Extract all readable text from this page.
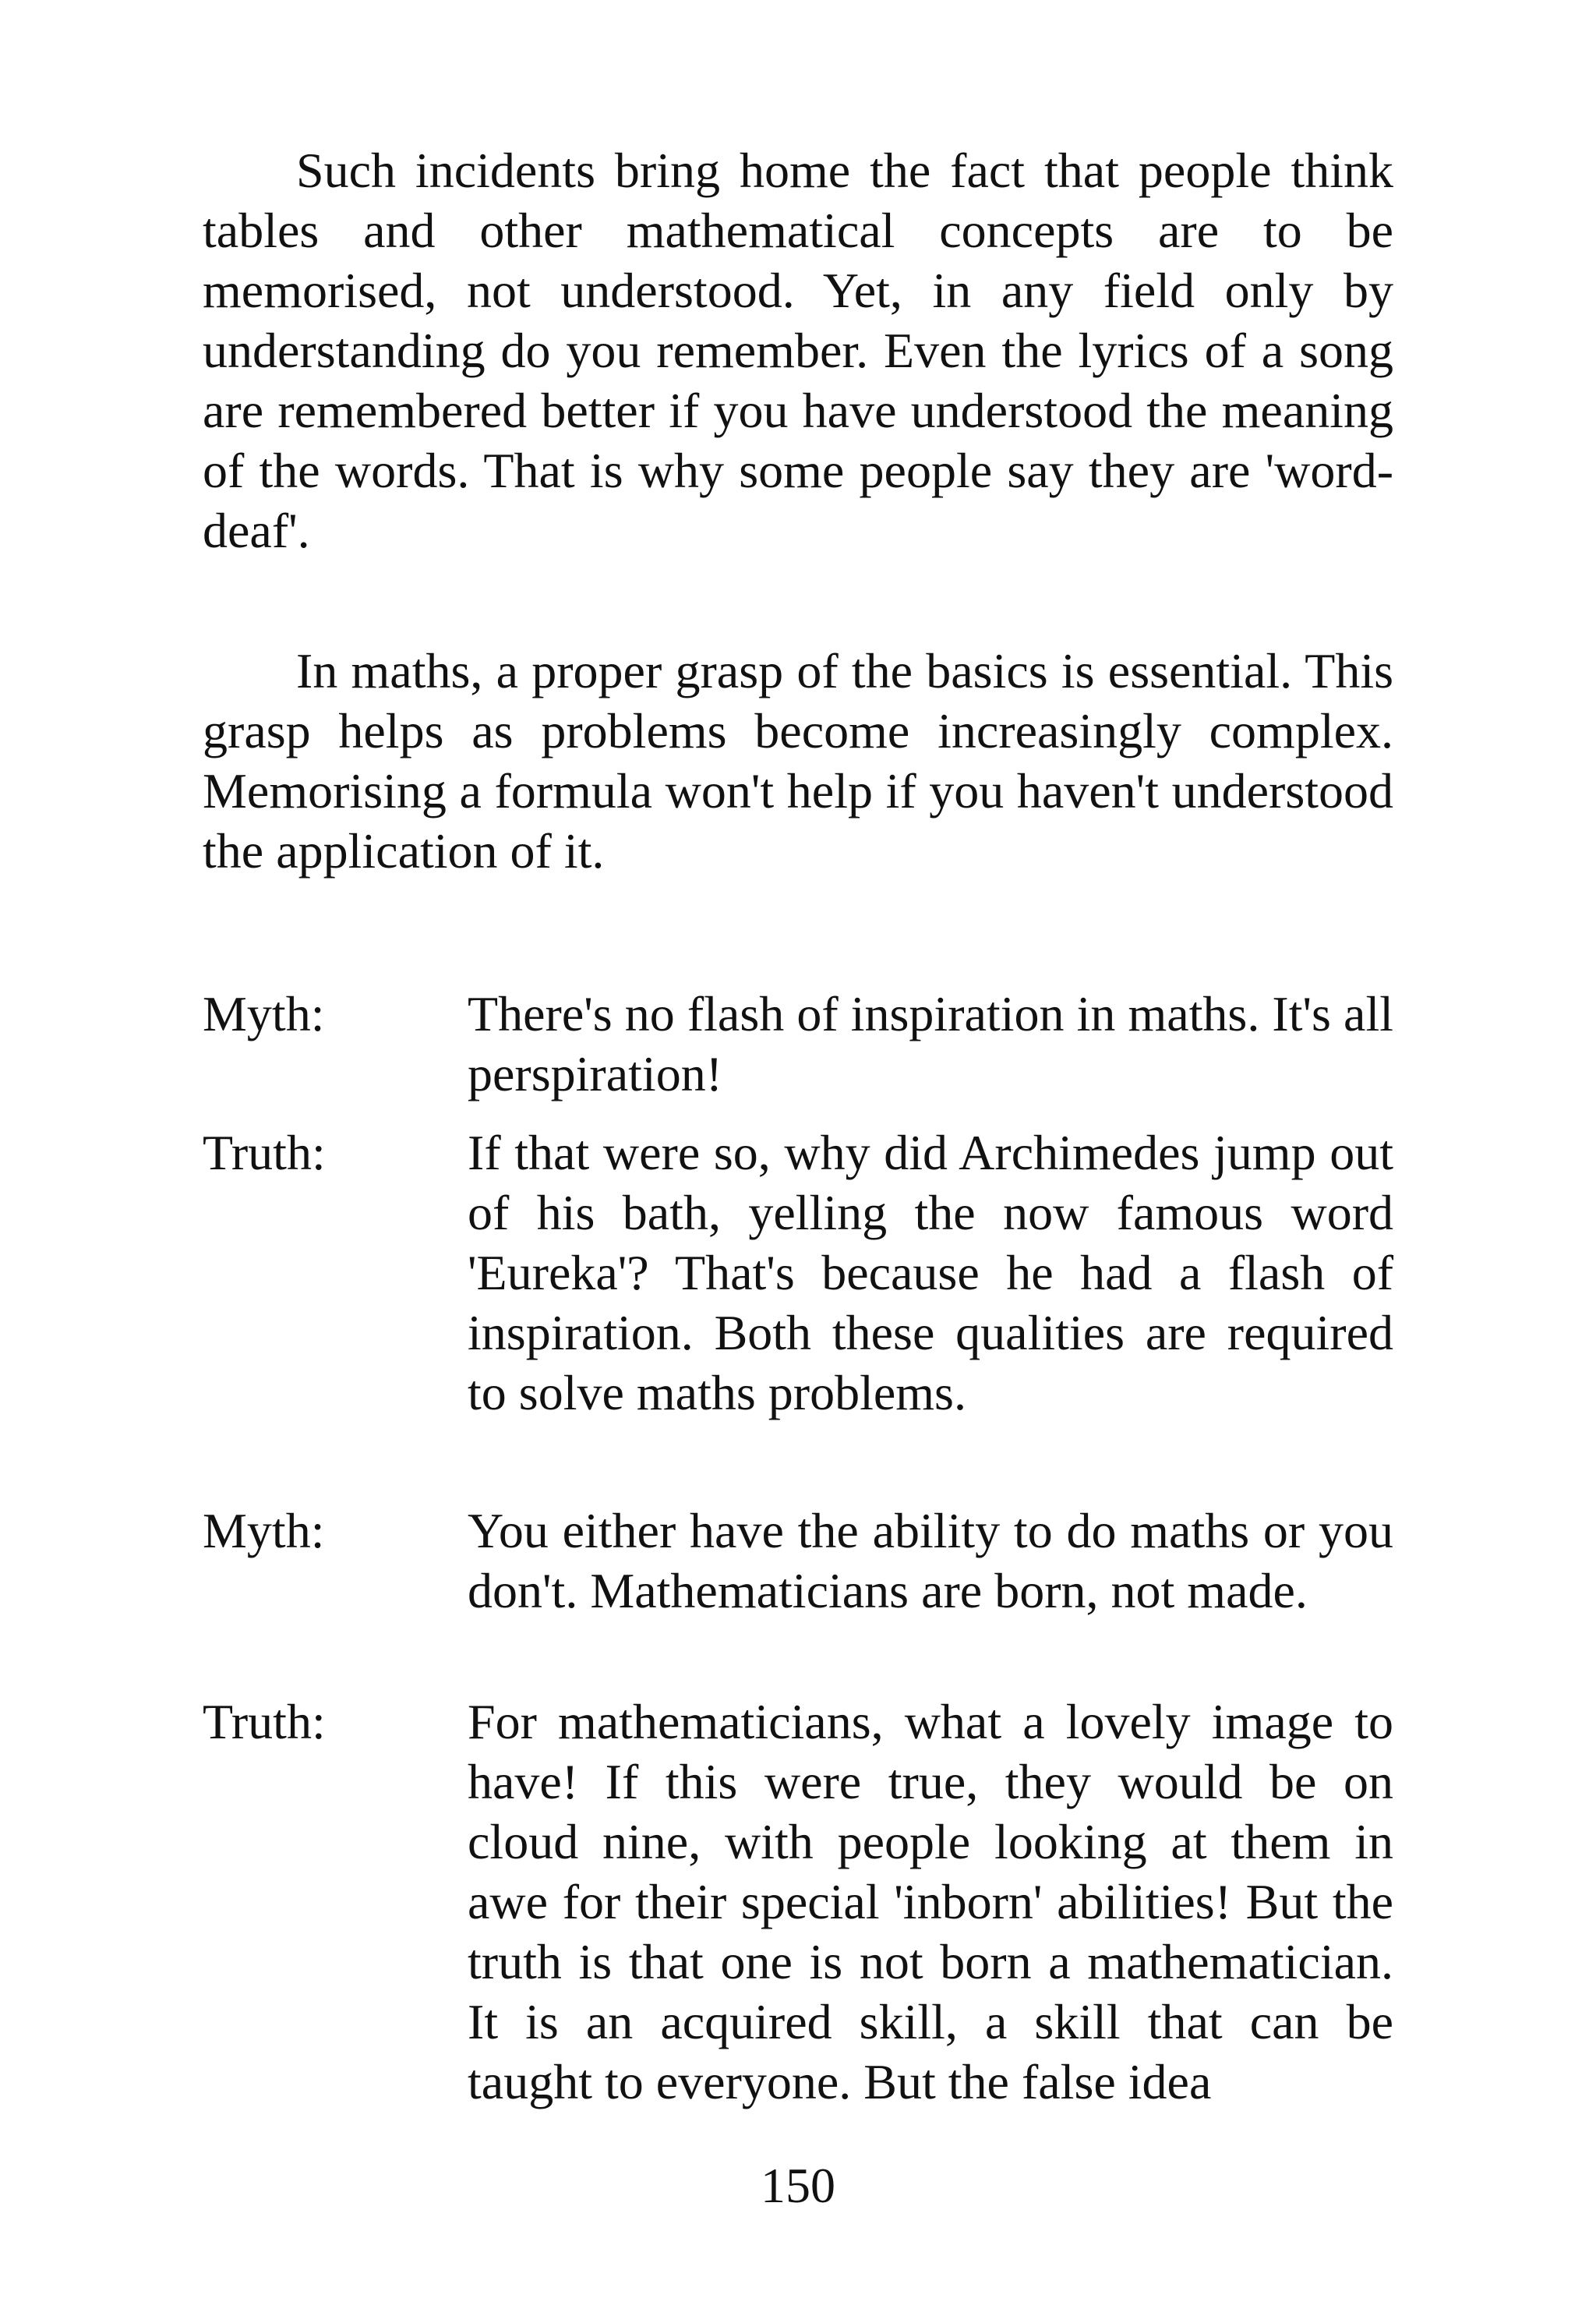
Such incidents bring home the fact that people think tables and other mathematical concepts are to be memorised, not understood. Yet, in any field only by understanding do you remember. Even the lyrics of a song are remembered better if you have understood the meaning of the words. That is why some people say they are 'word-deaf'.

In maths, a proper grasp of the basics is essential. This grasp helps as problems become increasingly complex. Memorising a formula won't help if you haven't understood the application of it.

Myth:	There's no flash of inspiration in maths. It's all perspiration!

Truth:	If that were so, why did Archimedes jump out of his bath, yelling the now famous word 'Eureka'? That's because he had a flash of inspiration. Both these qualities are required to solve maths problems.

Myth:	You either have the ability to do maths or you don't. Mathematicians are born, not made.

Truth:	For mathematicians, what a lovely image to have! If this were true, they would be on cloud nine, with people looking at them in awe for their special 'inborn' abilities! But the truth is that one is not born a mathematician. It is an acquired skill, a skill that can be taught to everyone. But the false idea

150
